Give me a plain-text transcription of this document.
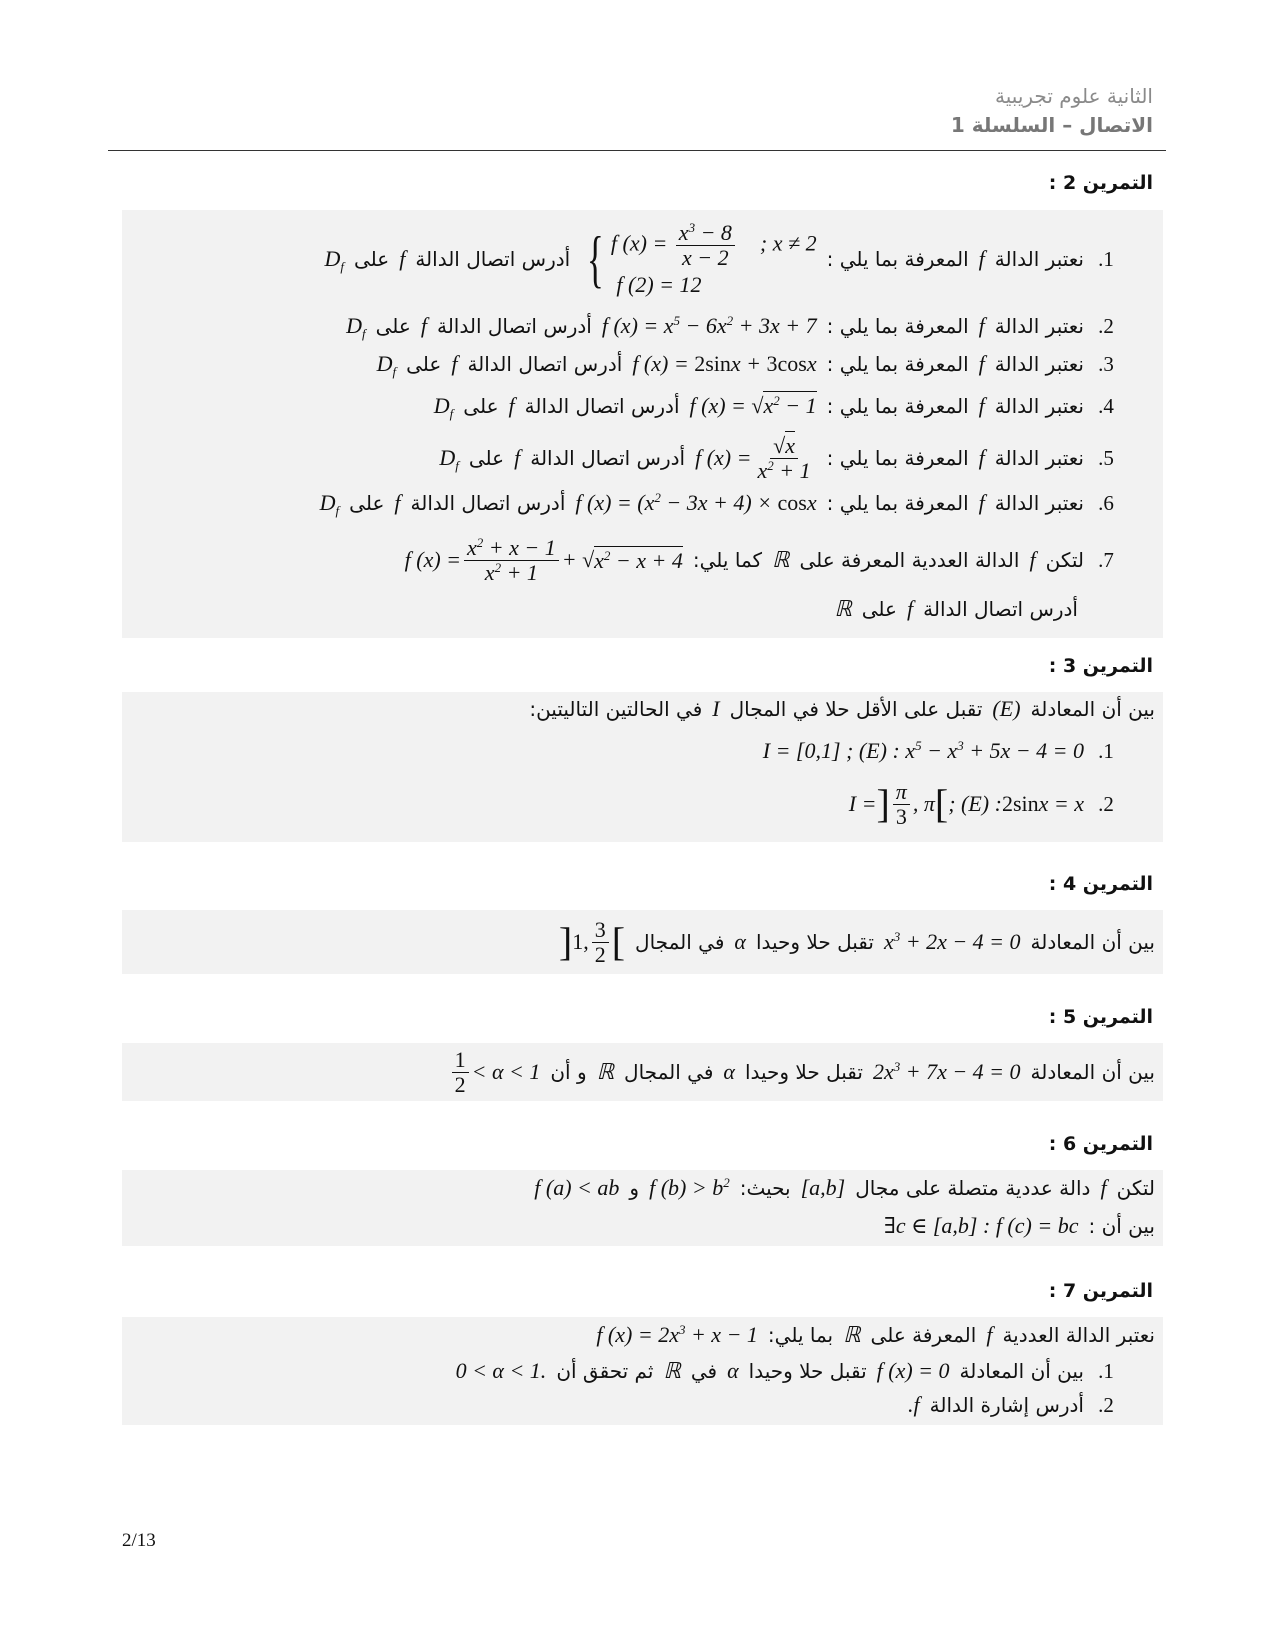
الثانية علوم تجريبية
الاتصال – السلسلة 1
التمرين 2 :
1.
نعتبر الدالة
f
المعرفة بما يلي :
{ f $(x) = \frac{x^3 - 8}{x - 2}$ ; x ≠ 2
f (2) = 12
أدرس اتصال الدالة
f
على
$D_f$
2.
نعتبر الدالة
f
المعرفة بما يلي :
f $(x) = x^5 - 6x^2 + 3x + 7$
أدرس اتصال الدالة
f
على
$D_f$
3.
نعتبر الدالة
f
المعرفة بما يلي :
f (x) = 2sinx + 3cosx
أدرس اتصال الدالة
f
على
$D_f$
4.
نعتبر الدالة
f
المعرفة بما يلي :
f $(x) = √x^2 - 1$
أدرس اتصال الدالة
f
على
$D_f$
5.
نعتبر الدالة
f
المعرفة بما يلي :
f $(x) = \frac{√x}{x^2 + 1}$
أدرس اتصال الدالة
f
على
$D_f$
6.
نعتبر الدالة
f
المعرفة بما يلي :
f $(x) = (x^2 - 3x + 4) \times \cos x$
أدرس اتصال الدالة
f
على
$D_f$
7.
لتكن
f
الدالة العددية المعرفة على
ℝ
كما يلي:
f $(x) = \frac{x^2 + x - 1}{x^2 + 1}$ + √ $x^2 - x + 4$
أدرس اتصال الدالة
f
على
ℝ
التمرين 3 :
بين أن المعادلة
(E)
تقبل على الأقل حلا في المجال
I
في الحالتين التاليتين:
1.
I = [0,1] ; (E) : $x^5 - x^3 + 5x - 4 = 0$
2.
I = ] $\frac{\pi}{3}$ , π [ ; (E) : 2sin x = x
التمرين 4 :
بين أن المعادلة
$x^3 + 2x - 4 = 0$
تقبل حلا وحيدا
α
في المجال
] 1, $\frac{3}{2}$ [
التمرين 5 :
بين أن المعادلة
$2x^3 + 7x - 4 = 0$
تقبل حلا وحيدا
α
في المجال
ℝ
و أن
$\frac{1}{2} < \alpha < 1$
التمرين 6 :
لتكن
f
دالة عددية متصلة على مجال
[a,b]
بحيث:
f $(b) > b^2$
و
f (a) < ab
بين أن :
∃c ∈ [a,b] : f (c) = bc
التمرين 7 :
نعتبر الدالة العددية
f
المعرفة على
ℝ
بما يلي:
f $(x) = 2x^3 + x - 1$
1.
بين أن المعادلة
f (x) = 0
تقبل حلا وحيدا
α
في
ℝ
ثم تحقق أن
0 < α < 1.
2.
أدرس إشارة الدالة
f.
2/13
